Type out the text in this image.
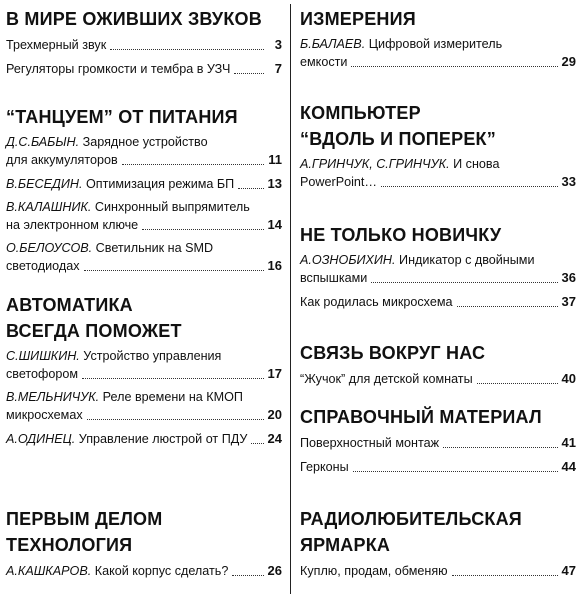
В МИРЕ ОЖИВШИХ ЗВУКОВ
Трехмерный звук	3
Регуляторы громкости и тембра в УЗЧ	7
“ТАНЦУЕМ” ОТ ПИТАНИЯ
Д.С.БАБЫН. Зарядное устройство
для аккумуляторов	11
В.БЕСЕДИН. Оптимизация режима БП	13
В.КАЛАШНИК. Синхронный выпрямитель
на электронном ключе	14
О.БЕЛОУСОВ. Светильник на SMD
светодиодах	16
АВТОМАТИКА
ВСЕГДА ПОМОЖЕТ
С.ШИШКИН. Устройство управления
светофором	17
В.МЕЛЬНИЧУК. Реле времени на КМОП
микросхемах	20
А.ОДИНЕЦ. Управление люстрой от ПДУ 24
ПЕРВЫМ ДЕЛОМ
ТЕХНОЛОГИЯ
А.КАШКАРОВ. Какой корпус сделать?	26
ИЗМЕРЕНИЯ
Б.БАЛАЕВ. Цифровой измеритель
емкости	29
КОМПЬЮТЕР
“ВДОЛЬ И ПОПЕРЕК”
А.ГРИНЧУК, С.ГРИНЧУК. И снова
PowerPoint…	33
НЕ ТОЛЬКО НОВИЧКУ
А.ОЗНОБИХИН. Индикатор с двойными
вспышками	36
Как родилась микросхема	37
СВЯЗЬ ВОКРУГ НАС
“Жучок” для детской комнаты	40
СПРАВОЧНЫЙ МАТЕРИАЛ
Поверхностный монтаж	41
Герконы	44
РАДИОЛЮБИТЕЛЬСКАЯ
ЯРМАРКА
Куплю, продам, обменяю	47
